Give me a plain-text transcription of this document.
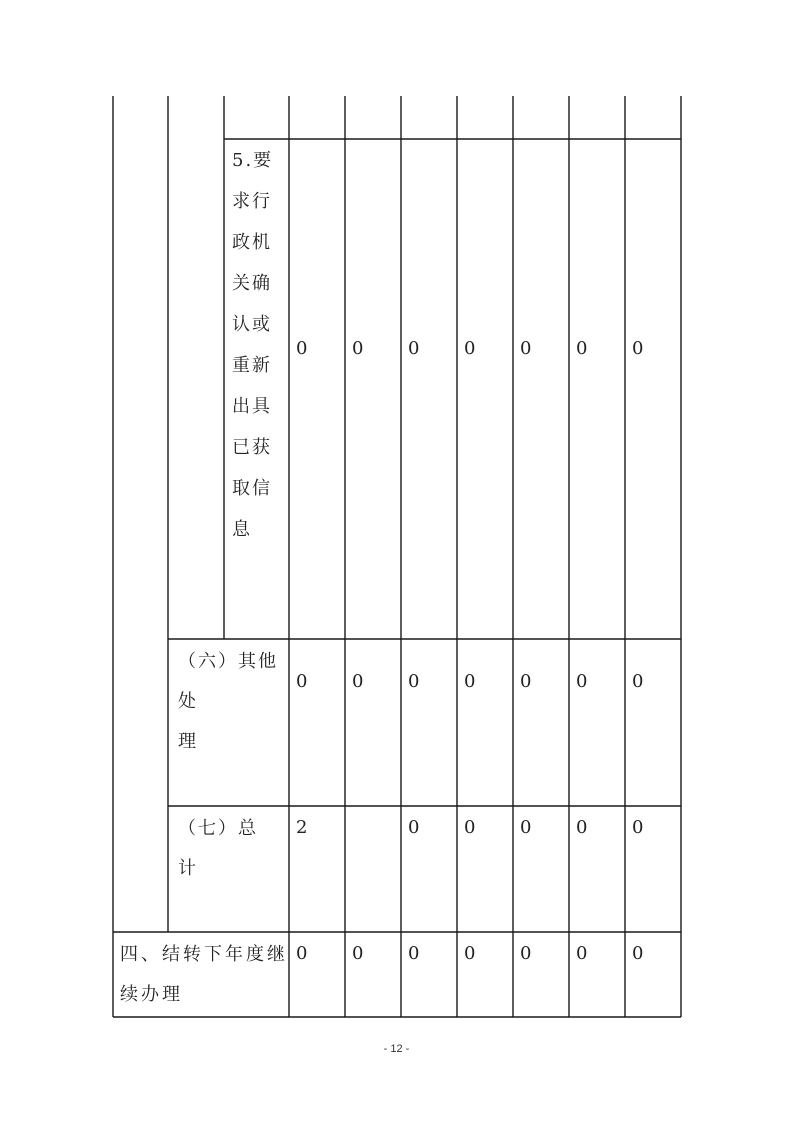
5.要
求行
政机
关确
认或
重新
出具
已获
取信
息
0 0 0 0 0 0 0
（六）其他
处
理
0 0 0 0 0 0 0
（七）总
计
2	0 0 0 0 0
四、结转下年度继
续办理
0 0 0 0 0 0 0
- 12 -
